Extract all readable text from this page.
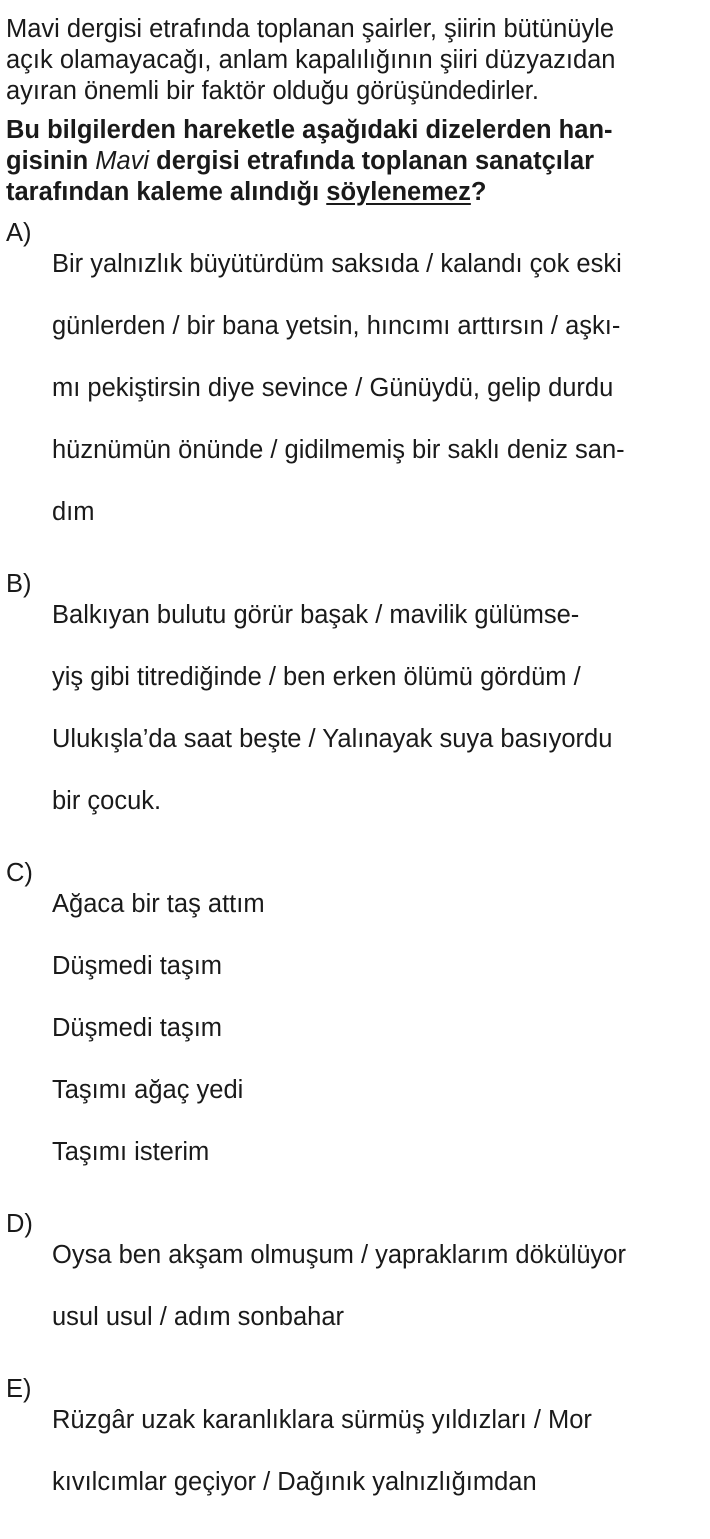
Mavi dergisi etrafında toplanan şairler, şiirin bütünüyle
açık olamayacağı, anlam kapalılığının şiiri düzyazıdan
ayıran önemli bir faktör olduğu görüşündedirler.

Bu bilgilerden hareketle aşağıdaki dizelerden han-
gisinin Mavi dergisi etrafında toplanan sanatçılar
tarafından kaleme alındığı söylenemez?

A)

Bir yalnızlık büyütürdüm saksıda / kalandı çok eski

günlerden / bir bana yetsin, hıncımı arttırsın / aşkı-

mı pekiştirsin diye sevince / Günüydü, gelip durdu

hüznümün önünde / gidilmemiş bir saklı deniz san-

dım

B)

Balkıyan bulutu görür başak / mavilik gülümse-

yiş gibi titrediğinde / ben erken ölümü gördüm /

Ulukışla’da saat beşte / Yalınayak suya basıyordu

bir çocuk.

C)

Ağaca bir taş attım

Düşmedi taşım

Düşmedi taşım

Taşımı ağaç yedi

Taşımı isterim

D)

Oysa ben akşam olmuşum / yapraklarım dökülüyor

usul usul / adım sonbahar

E)

Rüzgâr uzak karanlıklara sürmüş yıldızları / Mor

kıvılcımlar geçiyor / Dağınık yalnızlığımdan
